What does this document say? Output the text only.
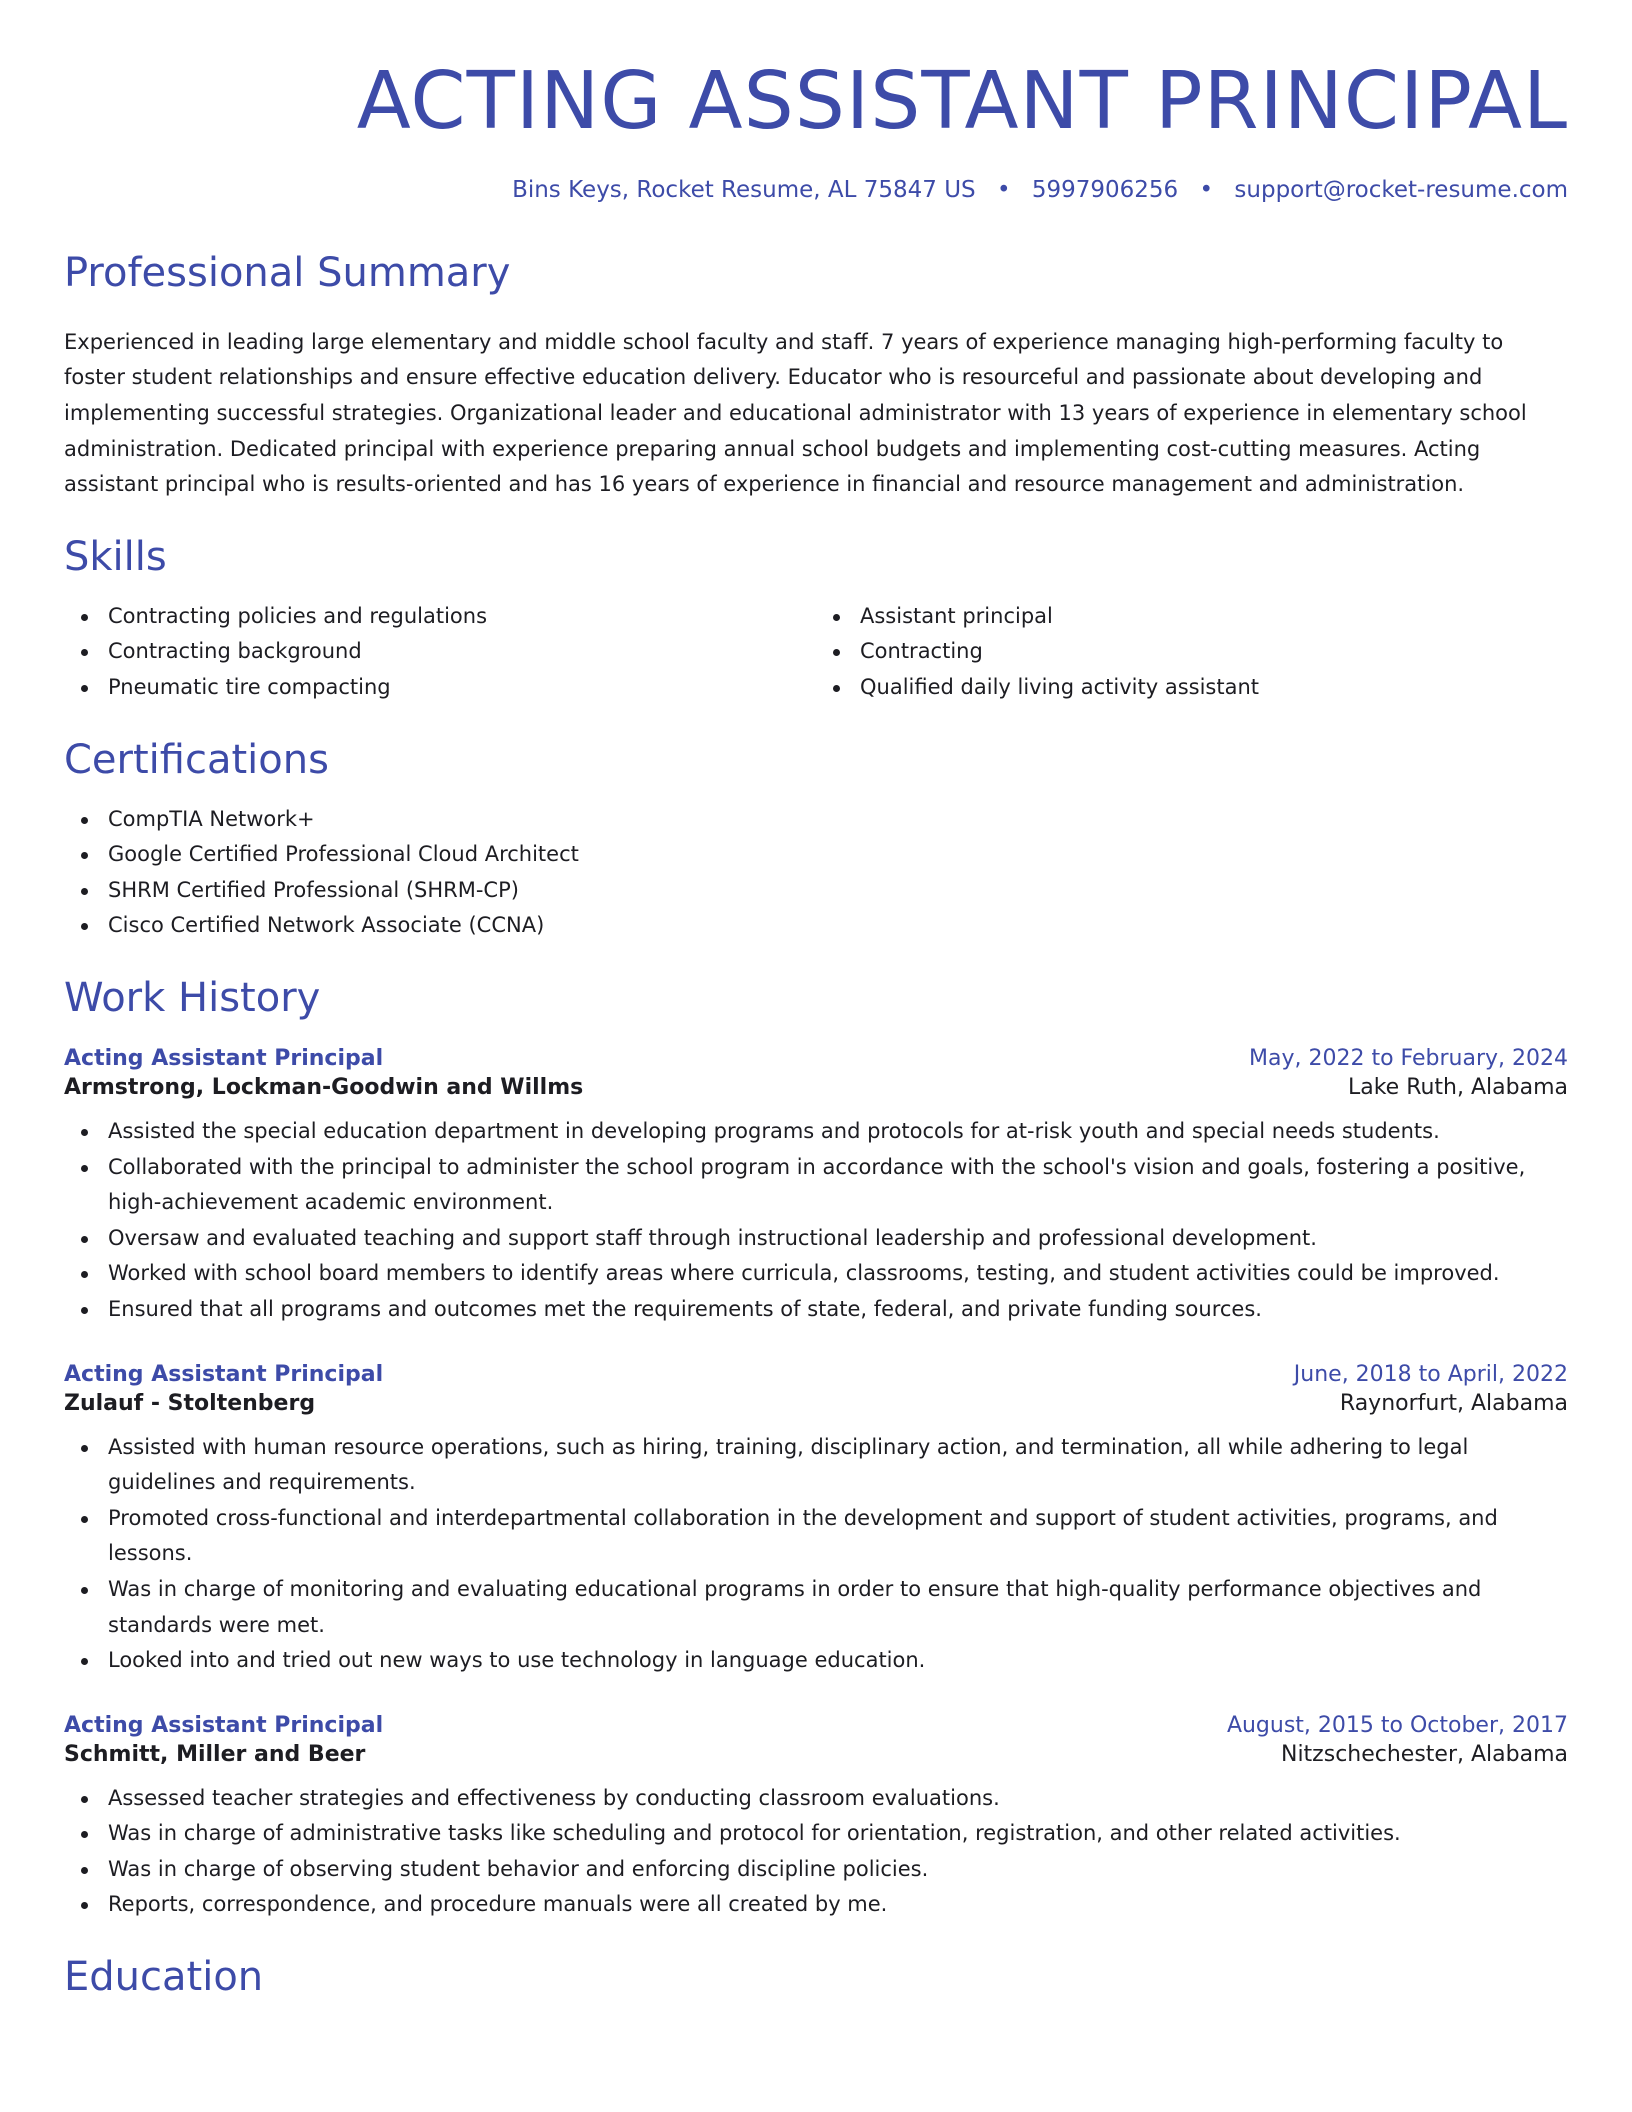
ACTING ASSISTANT PRINCIPAL
Bins Keys, Rocket Resume, AL 75847 US • 5997906256 • support@rocket-resume.com
Professional Summary
Experienced in leading large elementary and middle school faculty and staff. 7 years of experience managing high-performing faculty to foster student relationships and ensure effective education delivery. Educator who is resourceful and passionate about developing and implementing successful strategies. Organizational leader and educational administrator with 13 years of experience in elementary school administration. Dedicated principal with experience preparing annual school budgets and implementing cost-cutting measures. Acting assistant principal who is results-oriented and has 16 years of experience in financial and resource management and administration.
Skills
Contracting policies and regulations
Contracting background
Pneumatic tire compacting
Assistant principal
Contracting
Qualified daily living activity assistant
Certifications
CompTIA Network+
Google Certified Professional Cloud Architect
SHRM Certified Professional (SHRM-CP)
Cisco Certified Network Associate (CCNA)
Work History
Acting Assistant Principal	May, 2022 to February, 2024
Armstrong, Lockman-Goodwin and Willms	Lake Ruth, Alabama
Assisted the special education department in developing programs and protocols for at-risk youth and special needs students.
Collaborated with the principal to administer the school program in accordance with the school's vision and goals, fostering a positive, high-achievement academic environment.
Oversaw and evaluated teaching and support staff through instructional leadership and professional development.
Worked with school board members to identify areas where curricula, classrooms, testing, and student activities could be improved.
Ensured that all programs and outcomes met the requirements of state, federal, and private funding sources.
Acting Assistant Principal	June, 2018 to April, 2022
Zulauf - Stoltenberg	Raynorfurt, Alabama
Assisted with human resource operations, such as hiring, training, disciplinary action, and termination, all while adhering to legal guidelines and requirements.
Promoted cross-functional and interdepartmental collaboration in the development and support of student activities, programs, and lessons.
Was in charge of monitoring and evaluating educational programs in order to ensure that high-quality performance objectives and standards were met.
Looked into and tried out new ways to use technology in language education.
Acting Assistant Principal	August, 2015 to October, 2017
Schmitt, Miller and Beer	Nitzschechester, Alabama
Assessed teacher strategies and effectiveness by conducting classroom evaluations.
Was in charge of administrative tasks like scheduling and protocol for orientation, registration, and other related activities.
Was in charge of observing student behavior and enforcing discipline policies.
Reports, correspondence, and procedure manuals were all created by me.
Education
